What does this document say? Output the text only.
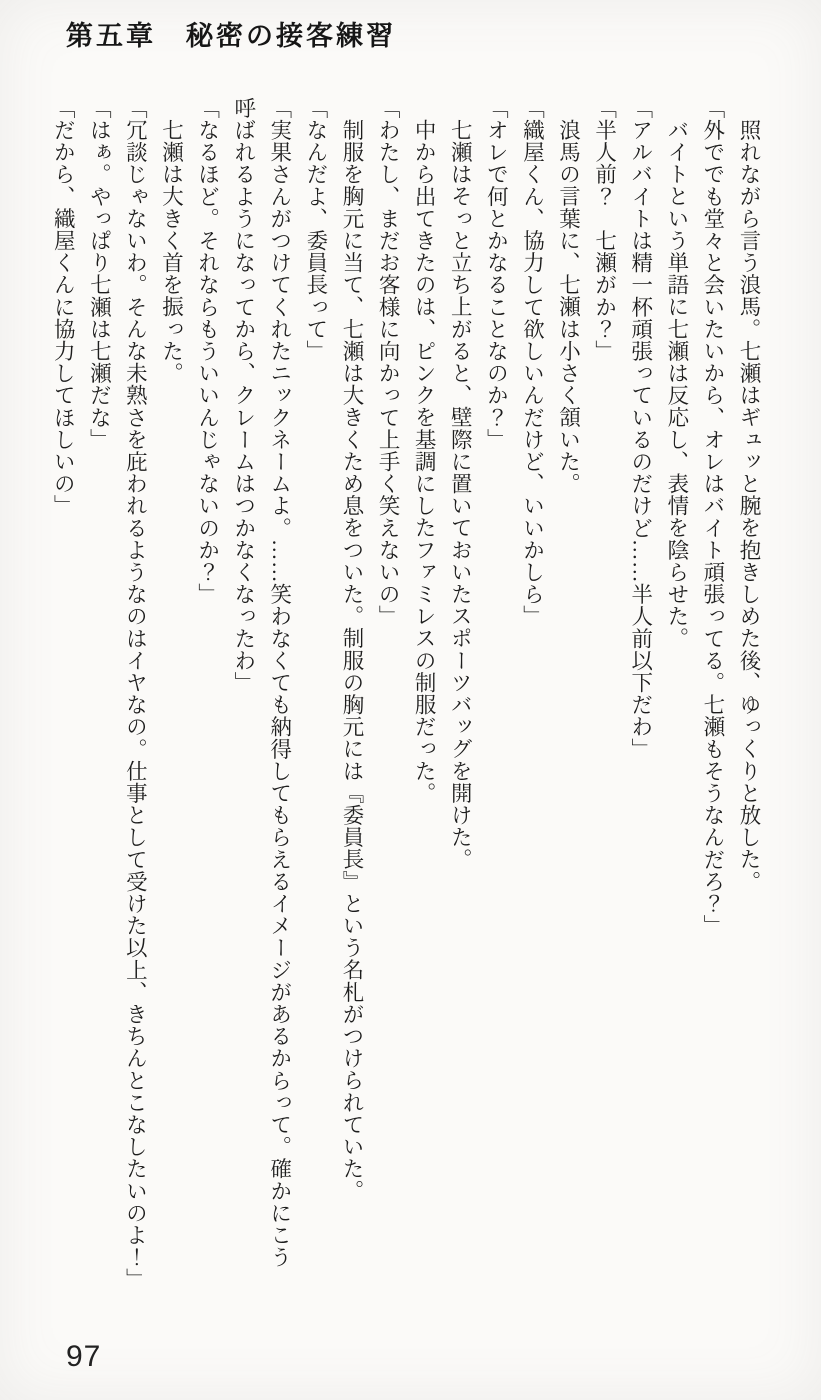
第五章　秘密の接客練習

照れながら言う浪馬。七瀬はギュッと腕を抱きしめた後、ゆっくりと放した。

「外ででも堂々と会いたいから、オレはバイト頑張ってる。七瀬もそうなんだろ？」

バイトという単語に七瀬は反応し、表情を陰らせた。

「アルバイトは精一杯頑張っているのだけど……半人前以下だわ」

「半人前？　七瀬がか？」

浪馬の言葉に、七瀬は小さく頷いた。

「織屋くん、協力して欲しいんだけど、いいかしら」

「オレで何とかなることなのか？」

七瀬はそっと立ち上がると、壁際に置いておいたスポーツバッグを開けた。

中から出てきたのは、ピンクを基調にしたファミレスの制服だった。

「わたし、まだお客様に向かって上手く笑えないの」

制服を胸元に当て、七瀬は大きくため息をついた。制服の胸元には『委員長』という名札がつけられていた。

「なんだよ、委員長って」

「実果さんがつけてくれたニックネームよ。……笑わなくても納得してもらえるイメージがあるからって。確かにこう

呼ばれるようになってから、クレームはつかなくなったわ」

「なるほど。それならもういいんじゃないのか？」

七瀬は大きく首を振った。

「冗談じゃないわ。そんな未熟さを庇われるようなのはイヤなの。仕事として受けた以上、きちんとこなしたいのよ！」

「はぁ。やっぱり七瀬は七瀬だな」

「だから、織屋くんに協力してほしいの」

97
